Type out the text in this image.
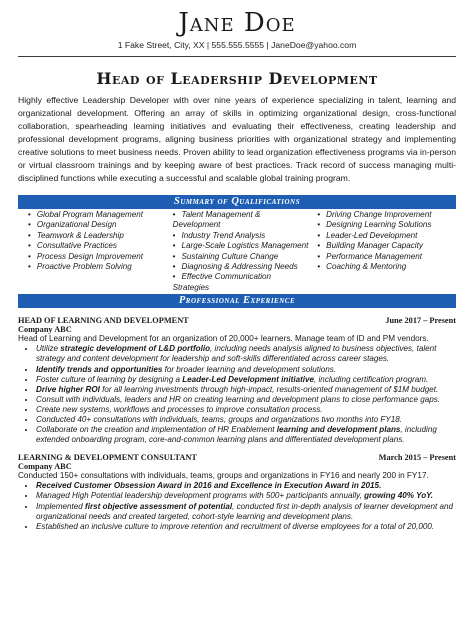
Jane Doe
1 Fake Street, City, XX | 555.555.5555 | JaneDoe@yahoo.com
Head of Leadership Development
Highly effective Leadership Developer with over nine years of experience specializing in talent, learning and organizational development. Offering an array of skills in optimizing organizational design, cross-functional collaboration, spearheading learning initiatives and evaluating their effectiveness, creating leadership and professional development programs, aligning business priorities with organizational strategy and implementing creative solutions to meet business needs. Proven ability to lead organization effectiveness programs via in-person or virtual classroom trainings and by keeping aware of best practices. Track record of success managing multi-disciplined functions while executing a successful and scalable global training program.
Summary of Qualifications
• Global Program Management
• Organizational Design
• Teamwork & Leadership
• Consultative Practices
• Process Design Improvement
• Proactive Problem Solving
• Talent Management & Development
• Industry Trend Analysis
• Large-Scale Logistics Management
• Sustaining Culture Change
• Diagnosing & Addressing Needs
• Effective Communication Strategies
• Driving Change Improvement
• Designing Learning Solutions
• Leader-Led Development
• Building Manager Capacity
• Performance Management
• Coaching & Mentoring
Professional Experience
HEAD OF LEARNING AND DEVELOPMENT	June 2017 – Present
Company ABC
Head of Learning and Development for an organization of 20,000+ learners. Manage team of ID and PM vendors.
• Utilize strategic development of L&D portfolio, including needs analysis aligned to business objectives, talent strategy and content development for leadership and soft-skills differentiated across career stages.
• Identify trends and opportunities for broader learning and development solutions.
• Foster culture of learning by designing a Leader-Led Development initiative, including certification program.
• Drive higher ROI for all learning investments through high-impact, results-oriented management of $1M budget.
• Consult with individuals, leaders and HR on creating learning and development plans to close performance gaps.
• Create new systems, workflows and processes to improve consultation process.
• Conducted 40+ consultations with individuals, teams, groups and organizations two months into FY18.
• Collaborate on the creation and implementation of HR Enablement learning and development plans, including extended onboarding program, core-and-common learning plans and differentiated development plans.
LEARNING & DEVELOPMENT CONSULTANT	March 2015 – Present
Company ABC
Conducted 150+ consultations with individuals, teams, groups and organizations in FY16 and nearly 200 in FY17.
• Received Customer Obsession Award in 2016 and Excellence in Execution Award in 2015.
• Managed High Potential leadership development programs with 500+ participants annually, growing 40% YoY.
• Implemented first objective assessment of potential, conducted first in-depth analysis of learner development and organizational needs and created targeted, cohort-style learning and development plans.
• Established an inclusive culture to improve retention and recruitment of diverse employees for a total of 20,000.
